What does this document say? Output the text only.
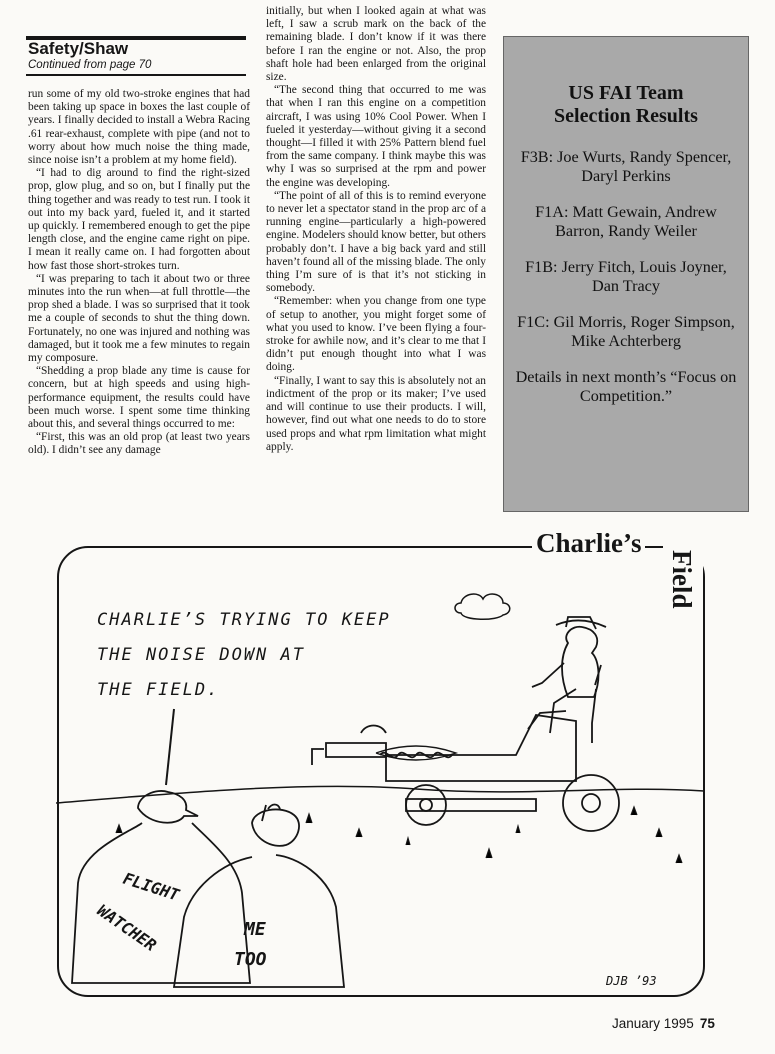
Safety/Shaw
Continued from page 70

run some of my old two-stroke engines that had been taking up space in boxes the last couple of years. I finally decided to install a Webra Racing .61 rear-exhaust, complete with pipe (and not to worry about how much noise the thing made, since noise isn’t a problem at my home field).

“I had to dig around to find the right-sized prop, glow plug, and so on, but I finally put the thing together and was ready to test run. I took it out into my back yard, fueled it, and it started up quickly. I remembered enough to get the pipe length close, and the engine came right on pipe. I mean it really came on. I had forgotten about how fast those short-strokes turn.

“I was preparing to tach it about two or three minutes into the run when—at full throttle—the prop shed a blade. I was so surprised that it took me a couple of seconds to shut the thing down. Fortunately, no one was injured and nothing was damaged, but it took me a few minutes to regain my composure.

“Shedding a prop blade any time is cause for concern, but at high speeds and using high-performance equipment, the results could have been much worse. I spent some time thinking about this, and several things occurred to me:

“First, this was an old prop (at least two years old). I didn’t see any damage

initially, but when I looked again at what was left, I saw a scrub mark on the back of the remaining blade. I don’t know if it was there before I ran the engine or not. Also, the prop shaft hole had been enlarged from the original size.

“The second thing that occurred to me was that when I ran this engine on a competition aircraft, I was using 10% Cool Power. When I fueled it yesterday—without giving it a second thought—I filled it with 25% Pattern blend fuel from the same company. I think maybe this was why I was so surprised at the rpm and power the engine was developing.

“The point of all of this is to remind everyone to never let a spectator stand in the prop arc of a running engine—particularly a high-powered engine. Modelers should know better, but others probably don’t. I have a big back yard and still haven’t found all of the missing blade. The only thing I’m sure of is that it’s not sticking in somebody.

“Remember: when you change from one type of setup to another, you might forget some of what you used to know. I’ve been flying a four-stroke for awhile now, and it’s clear to me that I didn’t put enough thought into what I was doing.

“Finally, I want to say this is absolutely not an indictment of the prop or its maker; I’ve used and will continue to use their products. I will, however, find out what one needs to do to store used props and what rpm limitation what might apply.

US FAI Team
Selection Results

F3B: Joe Wurts, Randy Spencer, Daryl Perkins

F1A: Matt Gewain, Andrew Barron, Randy Weiler

F1B: Jerry Fitch, Louis Joyner, Dan Tracy

F1C: Gil Morris, Roger Simpson, Mike Achterberg

Details in next month’s “Focus on Competition.”

FLIGHT
WATCHER	ME
TOO
DJB ’93
CHARLIE’S TRYING TO KEEP
THE NOISE DOWN AT
THE FIELD.
Charlie’s
Field
January 1995 75
